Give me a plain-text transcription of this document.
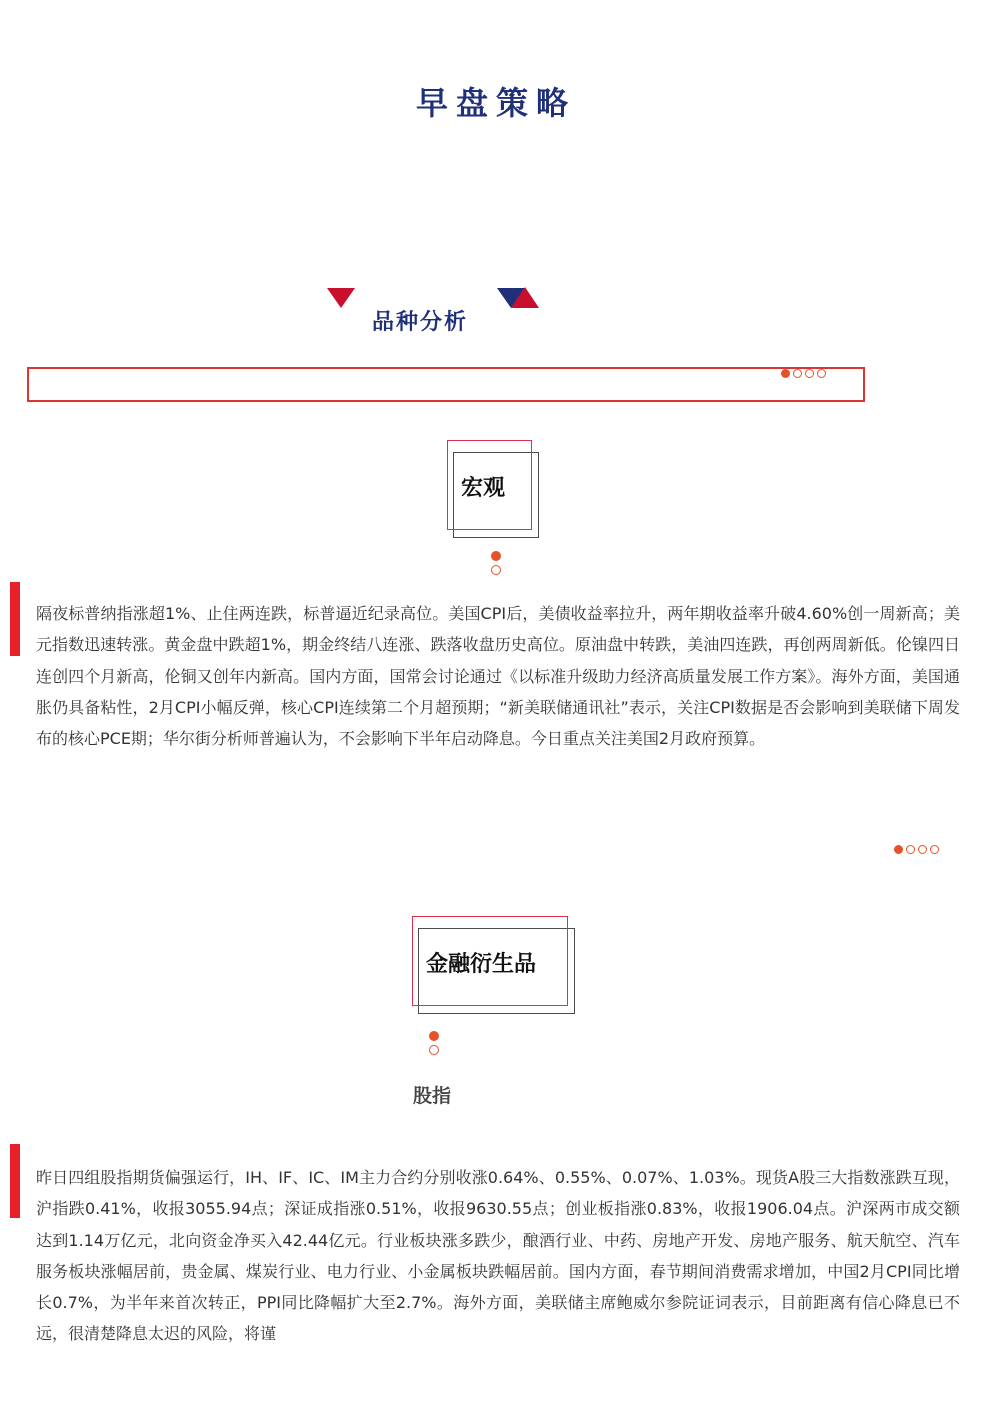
早盘策略
品种分析
宏观

隔夜标普纳指涨超1%、止住两连跌，标普逼近纪录高位。美国CPI后，美债收益率拉升，两年期收益率升破4.60%创一周新高；美元指数迅速转涨。黄金盘中跌超1%，期金终结八连涨、跌落收盘历史高位。原油盘中转跌，美油四连跌，再创两周新低。伦镍四日连创四个月新高，伦铜又创年内新高。国内方面，国常会讨论通过《以标准升级助力经济高质量发展工作方案》。海外方面，美国通胀仍具备粘性，2月CPI小幅反弹，核心CPI连续第二个月超预期；“新美联储通讯社”表示，关注CPI数据是否会影响到美联储下周发布的核心PCE期；华尔街分析师普遍认为，不会影响下半年启动降息。今日重点关注美国2月政府预算。

金融衍生品
股指

昨日四组股指期货偏强运行，IH、IF、IC、IM主力合约分别收涨0.64%、0.55%、0.07%、1.03%。现货A股三大指数涨跌互现，沪指跌0.41%，收报3055.94点；深证成指涨0.51%，收报9630.55点；创业板指涨0.83%，收报1906.04点。沪深两市成交额达到1.14万亿元，北向资金净买入42.44亿元。行业板块涨多跌少，酿酒行业、中药、房地产开发、房地产服务、航天航空、汽车服务板块涨幅居前，贵金属、煤炭行业、电力行业、小金属板块跌幅居前。国内方面，春节期间消费需求增加，中国2月CPI同比增长0.7%，为半年来首次转正，PPI同比降幅扩大至2.7%。海外方面，美联储主席鲍威尔参院证词表示，目前距离有信心降息已不远，很清楚降息太迟的风险，将谨
